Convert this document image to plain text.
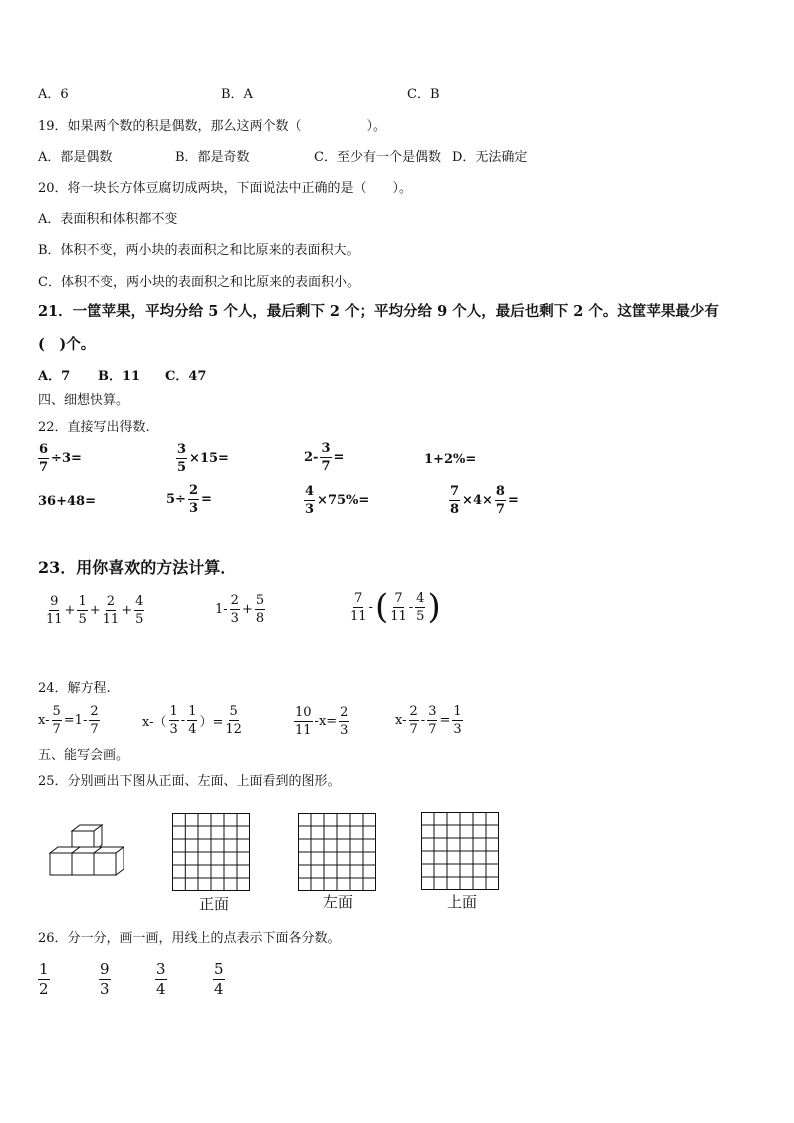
A．6	B．A	C．B
19．如果两个数的积是偶数，那么这两个数（　　　　　）。
A．都是偶数	B．都是奇数	C．至少有一个是偶数 D．无法确定
20．将一块长方体豆腐切成两块，下面说法中正确的是（　　）。
A．表面积和体积都不变
B．体积不变，两小块的表面积之和比原来的表面积大。
C．体积不变，两小块的表面积之和比原来的表面积小。
21．一筐苹果，平均分给 5 个人，最后剩下 2 个；平均分给 9 个人，最后也剩下 2 个。这筐苹果最少有
(　)个。
A．7 B．11 C．47
四、细想快算。
22．直接写出得数.
$\frac{6}{7} \div 3=$	$\frac{3}{5} \times 15=$	$2- \frac{3}{7}$ =	1+2%=
36+48=	$5\div \frac{2}{3}$ =	$\frac{4}{3} \times 75\%=$	$\frac{7}{8} \times 4\times \frac{8}{7}$ =
23．用你喜欢的方法计算．
$\frac{9}{11} + \frac{1}{5} + \frac{2}{11} + \frac{4}{5}$	$1- \frac{2}{3} + \frac{5}{8}$	$\frac{7}{11}$ - ( $\frac{7}{11} - \frac{4}{5}$ )
24．解方程.
$x- \frac{5}{7} =1- \frac{2}{7}$	$x-( \frac{1}{3} - \frac{1}{4}$ ）= $\frac{5}{12}$	$\frac{10}{11} -x= \frac{2}{3}$	$x- \frac{2}{7} - \frac{3}{7} = \frac{1}{3}$
五、能写会画。
25．分别画出下图从正面、左面、上面看到的图形。
正面	左面	上面
26．分一分，画一画，用线上的点表示下面各分数。
$\frac{1}{2}$	$\frac{9}{3}$	$\frac{3}{4}$	$\frac{5}{4}$
